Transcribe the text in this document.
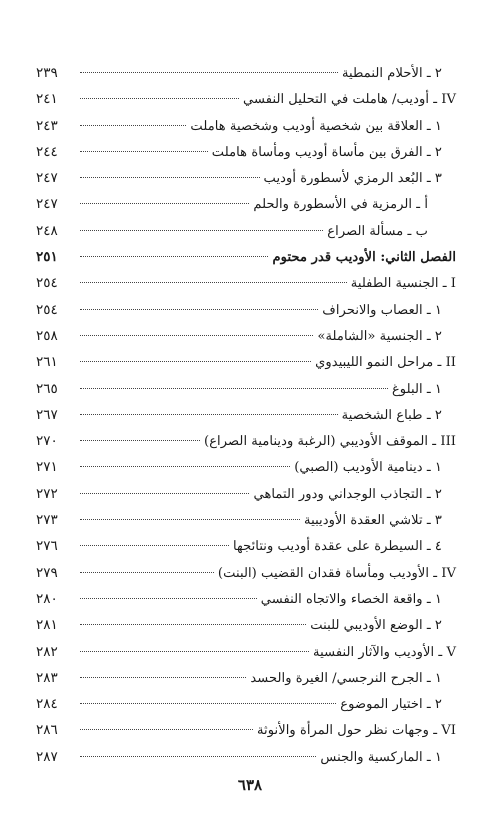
٢ ـ الأحلام النمطية
٢٣٩
IV ـ أوديب/ هاملت في التحليل النفسي
٢٤١
١ ـ العلاقة بين شخصية أوديب وشخصية هاملت
٢٤٣
٢ ـ الفرق بين مأساة أوديب ومأساة هاملت
٢٤٤
٣ ـ البُعد الرمزي لأسطورة أوديب
٢٤٧
أ ـ الرمزية في الأسطورة والحلم
٢٤٧
ب ـ مسألة الصراع
٢٤٨
الفصل الثاني: الأوديب قدر محتوم
٢٥١
I ـ الجنسية الطفلية
٢٥٤
١ ـ العصاب والانحراف
٢٥٤
٢ ـ الجنسية «الشاملة»
٢٥٨
II ـ مراحل النمو الليبيدوي
٢٦١
١ ـ البلوغ
٢٦٥
٢ ـ طباع الشخصية
٢٦٧
III ـ الموقف الأوديبي (الرغبة ودينامية الصراع)
٢٧٠
١ ـ دينامية الأوديب (الصبي)
٢٧١
٢ ـ التجاذب الوجداني ودور التماهي
٢٧٢
٣ ـ تلاشي العقدة الأوديبية
٢٧٣
٤ ـ السيطرة على عقدة أوديب ونتائجها
٢٧٦
IV ـ الأوديب ومأساة فقدان القضيب (البنت)
٢٧٩
١ ـ واقعة الخصاء والاتجاه النفسي
٢٨٠
٢ ـ الوضع الأوديبي للبنت
٢٨١
V ـ الأوديب والآثار النفسية
٢٨٢
١ ـ الجرح النرجسي/ الغيرة والحسد
٢٨٣
٢ ـ اختيار الموضوع
٢٨٤
VI ـ وجهات نظر حول المرأة والأنوثة
٢٨٦
١ ـ الماركسية والجنس
٢٨٧
٦٣٨
